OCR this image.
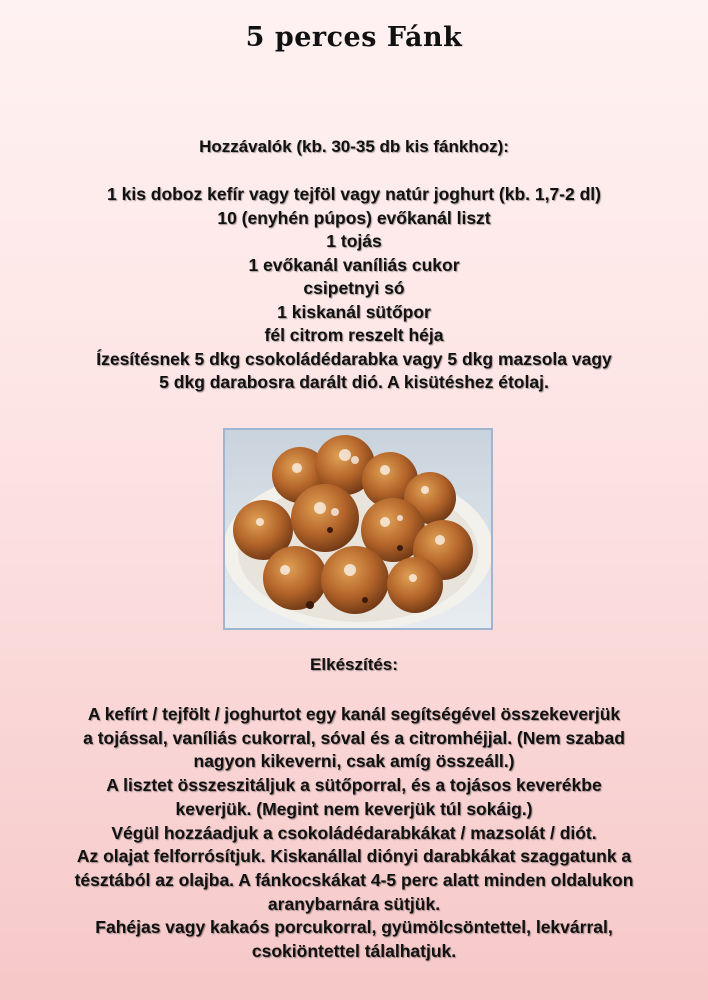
5 perces Fánk
Hozzávalók (kb. 30-35 db kis fánkhoz):
1 kis doboz kefír vagy tejföl vagy natúr joghurt (kb. 1,7-2 dl)
10 (enyhén púpos) evőkanál liszt
1 tojás
1 evőkanál vaníliás cukor
csipetnyi só
1 kiskanál sütőpor
fél citrom reszelt héja
Ízesítésnek 5 dkg csokoládédarabka vagy 5 dkg mazsola vagy
5 dkg darabosra darált dió. A kisütéshez étolaj.
Elkészítés:
A kefírt / tejfölt / joghurtot egy kanál segítségével összekeverjük
a tojással, vaníliás cukorral, sóval és a citromhéjjal. (Nem szabad
nagyon kikeverni, csak amíg összeáll.)
A lisztet összeszitáljuk a sütőporral, és a tojásos keverékbe
keverjük. (Megint nem keverjük túl sokáig.)
Végül hozzáadjuk a csokoládédarabkákat / mazsolát / diót.
Az olajat felforrósítjuk. Kiskanállal diónyi darabkákat szaggatunk a
tésztából az olajba. A fánkocskákat 4-5 perc alatt minden oldalukon
aranybarnára sütjük.
Fahéjas vagy kakaós porcukorral, gyümölcsöntettel, lekvárral,
csokiöntettel tálalhatjuk.
